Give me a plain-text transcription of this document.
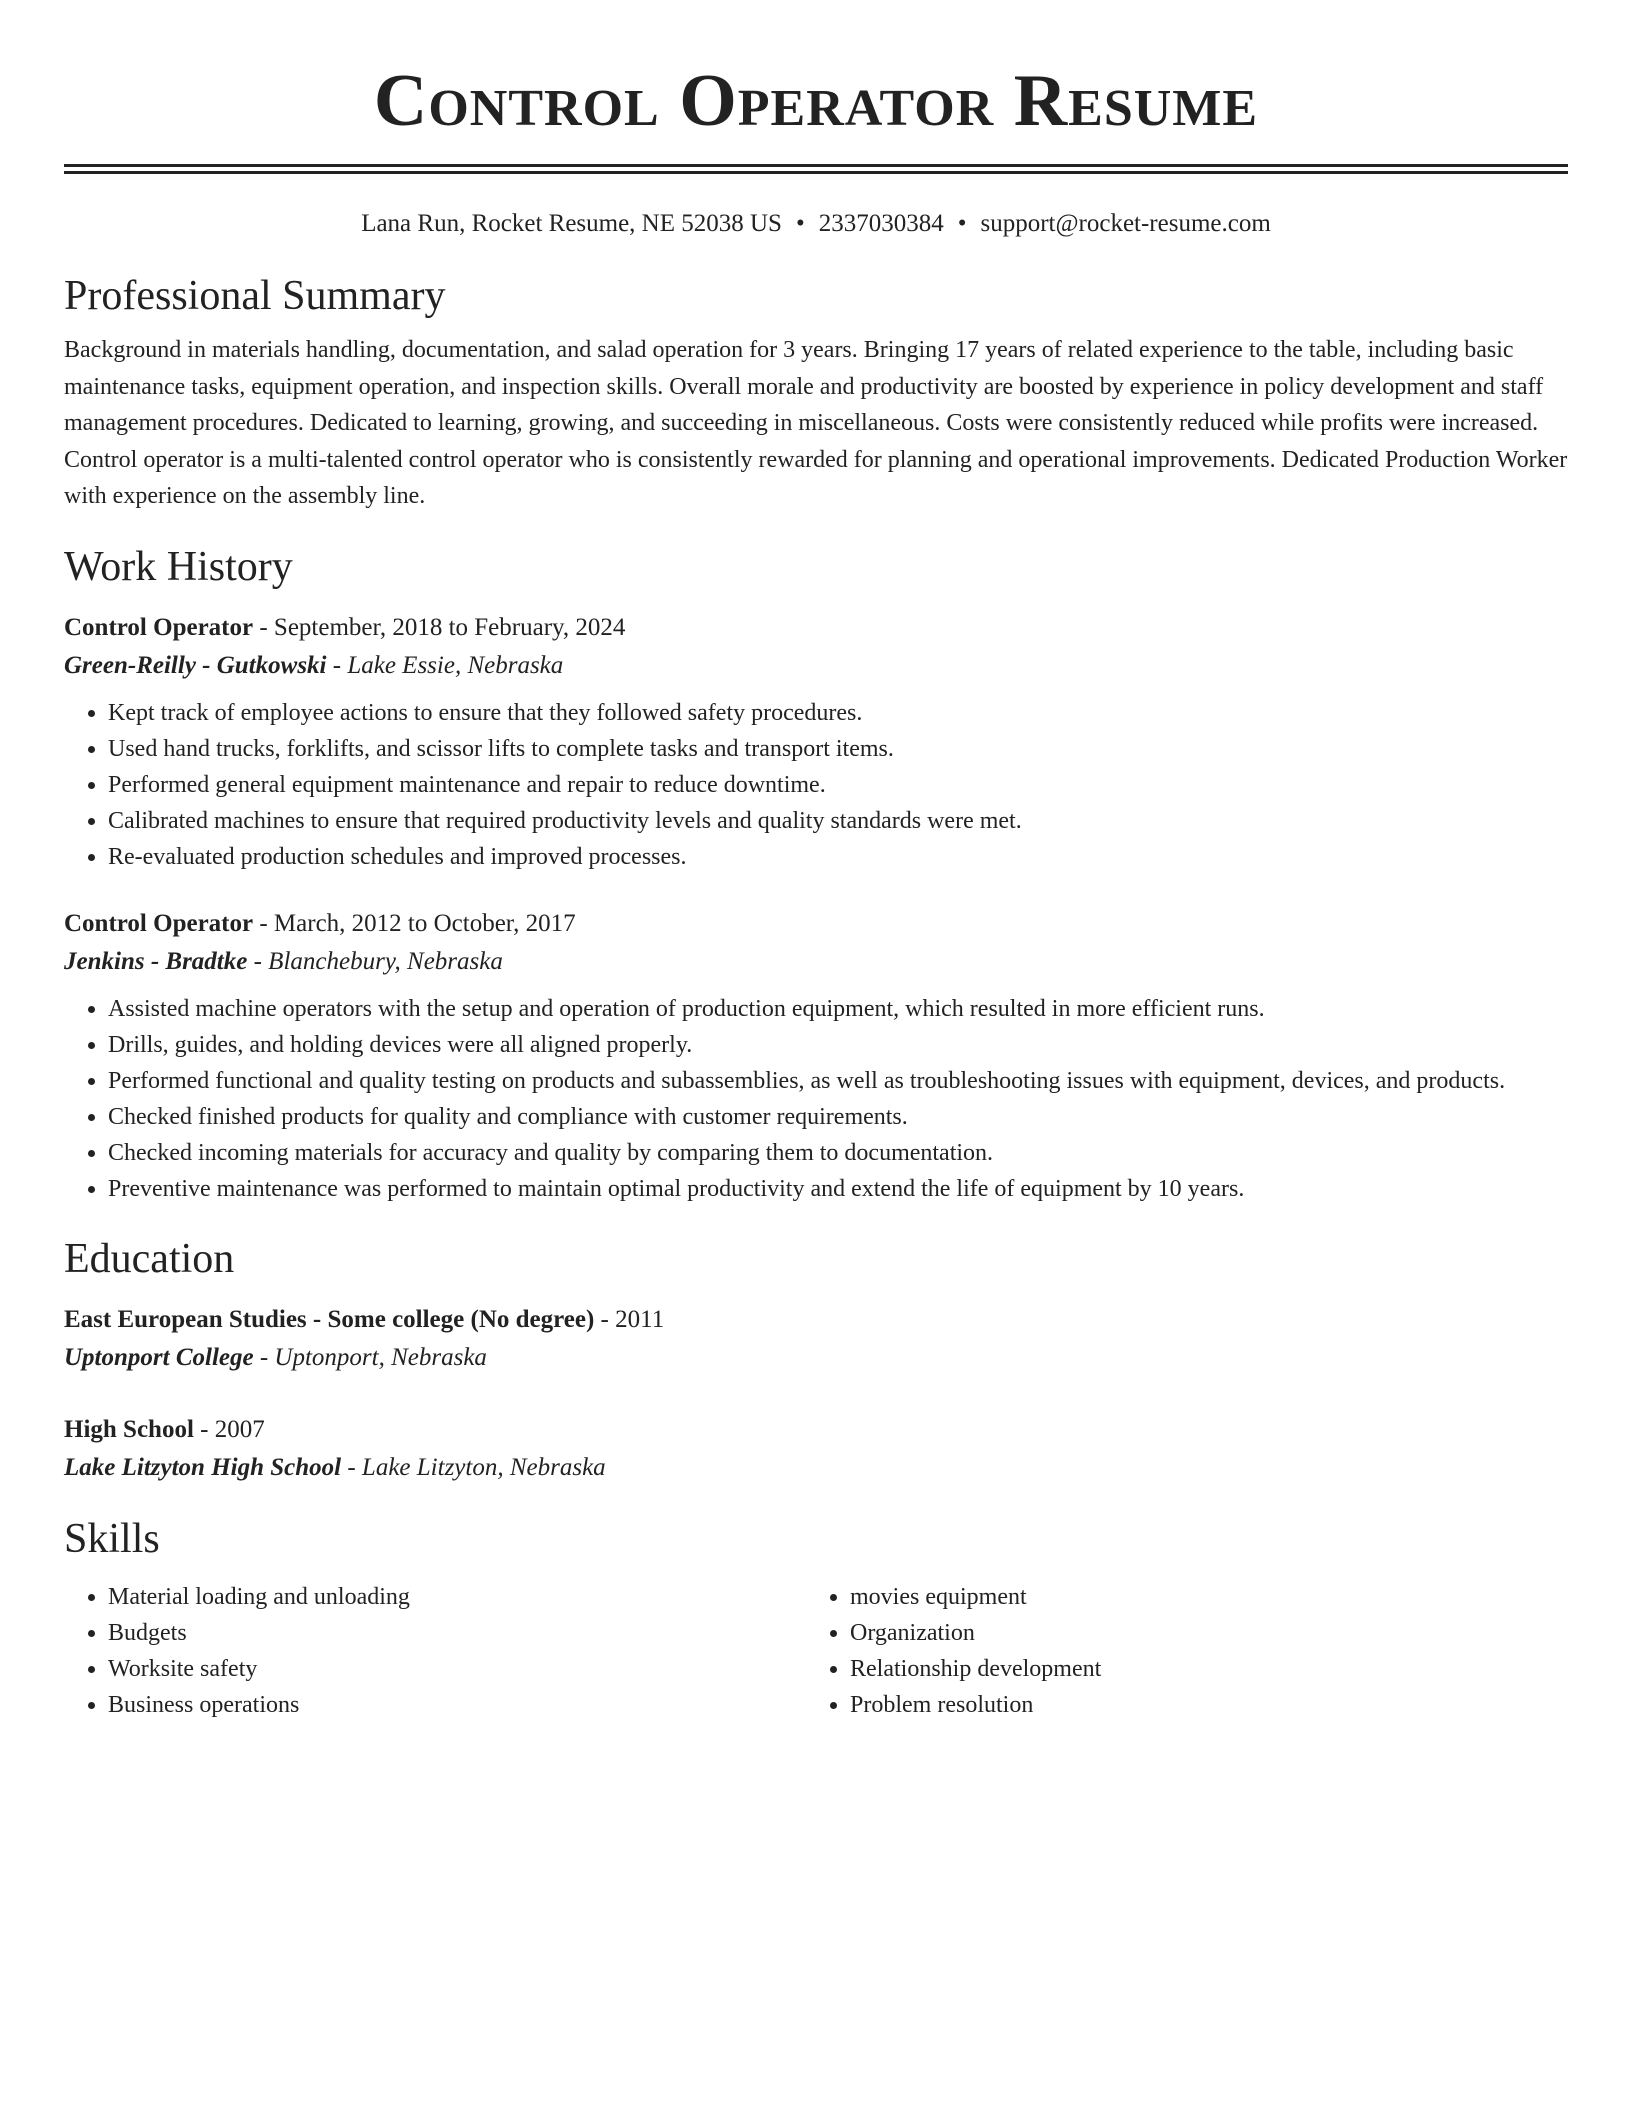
Control Operator Resume
Lana Run, Rocket Resume, NE 52038 US • 2337030384 • support@rocket-resume.com
Professional Summary
Background in materials handling, documentation, and salad operation for 3 years. Bringing 17 years of related experience to the table, including basic maintenance tasks, equipment operation, and inspection skills. Overall morale and productivity are boosted by experience in policy development and staff management procedures. Dedicated to learning, growing, and succeeding in miscellaneous. Costs were consistently reduced while profits were increased. Control operator is a multi-talented control operator who is consistently rewarded for planning and operational improvements. Dedicated Production Worker with experience on the assembly line.
Work History
Control Operator - September, 2018 to February, 2024
Green-Reilly - Gutkowski - Lake Essie, Nebraska
• Kept track of employee actions to ensure that they followed safety procedures.
• Used hand trucks, forklifts, and scissor lifts to complete tasks and transport items.
• Performed general equipment maintenance and repair to reduce downtime.
• Calibrated machines to ensure that required productivity levels and quality standards were met.
• Re-evaluated production schedules and improved processes.
Control Operator - March, 2012 to October, 2017
Jenkins - Bradtke - Blanchebury, Nebraska
• Assisted machine operators with the setup and operation of production equipment, which resulted in more efficient runs.
• Drills, guides, and holding devices were all aligned properly.
• Performed functional and quality testing on products and subassemblies, as well as troubleshooting issues with equipment, devices, and products.
• Checked finished products for quality and compliance with customer requirements.
• Checked incoming materials for accuracy and quality by comparing them to documentation.
• Preventive maintenance was performed to maintain optimal productivity and extend the life of equipment by 10 years.
Education
East European Studies - Some college (No degree) - 2011
Uptonport College - Uptonport, Nebraska
High School - 2007
Lake Litzyton High School - Lake Litzyton, Nebraska
Skills
• Material loading and unloading
• Budgets
• Worksite safety
• Business operations
• movies equipment
• Organization
• Relationship development
• Problem resolution
